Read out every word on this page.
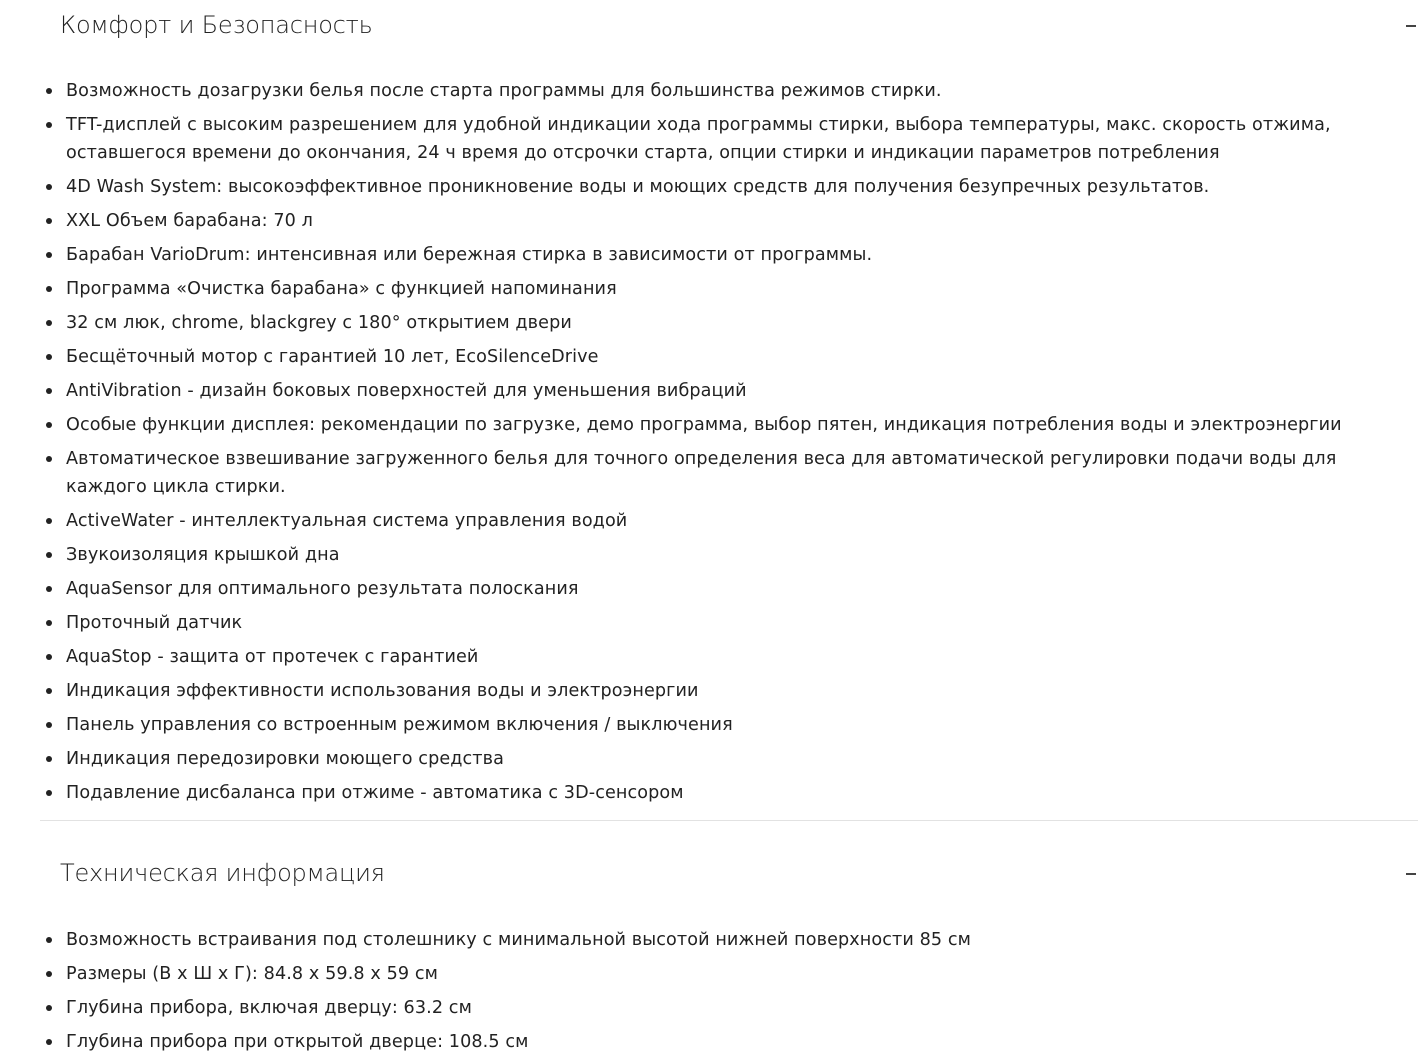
Комфорт и Безопасность
Возможность дозагрузки белья после старта программы для большинства режимов стирки.
TFT-дисплей с высоким разрешением для удобной индикации хода программы стирки, выбора температуры, макс. скорость отжима, оставшегося времени до окончания, 24 ч время до отсрочки старта, опции стирки и индикации параметров потребления
4D Wash System: высокоэффективное проникновение воды и моющих средств для получения безупречных результатов.
XXL Объем барабана: 70 л
Барабан VarioDrum: интенсивная или бережная стирка в зависимости от программы.
Программа «Очистка барабана» с функцией напоминания
32 см люк, chrome, blackgrey с 180° открытием двери
Бесщёточный мотор с гарантией 10 лет, EcoSilenceDrive
AntiVibration - дизайн боковых поверхностей для уменьшения вибраций
Особые функции дисплея: рекомендации по загрузке, демо программа, выбор пятен, индикация потребления воды и электроэнергии
Автоматическое взвешивание загруженного белья для точного определения веса для автоматической регулировки подачи воды для каждого цикла стирки.
ActiveWater - интеллектуальная система управления водой
Звукоизоляция крышкой дна
AquaSensor для оптимального результата полоскания
Проточный датчик
AquaStop - защита от протечек с гарантией
Индикация эффективности использования воды и электроэнергии
Панель управления со встроенным режимом включения / выключения
Индикация передозировки моющего средства
Подавление дисбаланса при отжиме - автоматика с 3D-сенсором
Техническая информация
Возможность встраивания под столешнику с минимальной высотой нижней поверхности 85 см
Размеры (В х Ш х Г): 84.8 x 59.8 x 59 см
Глубина прибора, включая дверцу: 63.2 см
Глубина прибора при открытой дверце: 108.5 см
